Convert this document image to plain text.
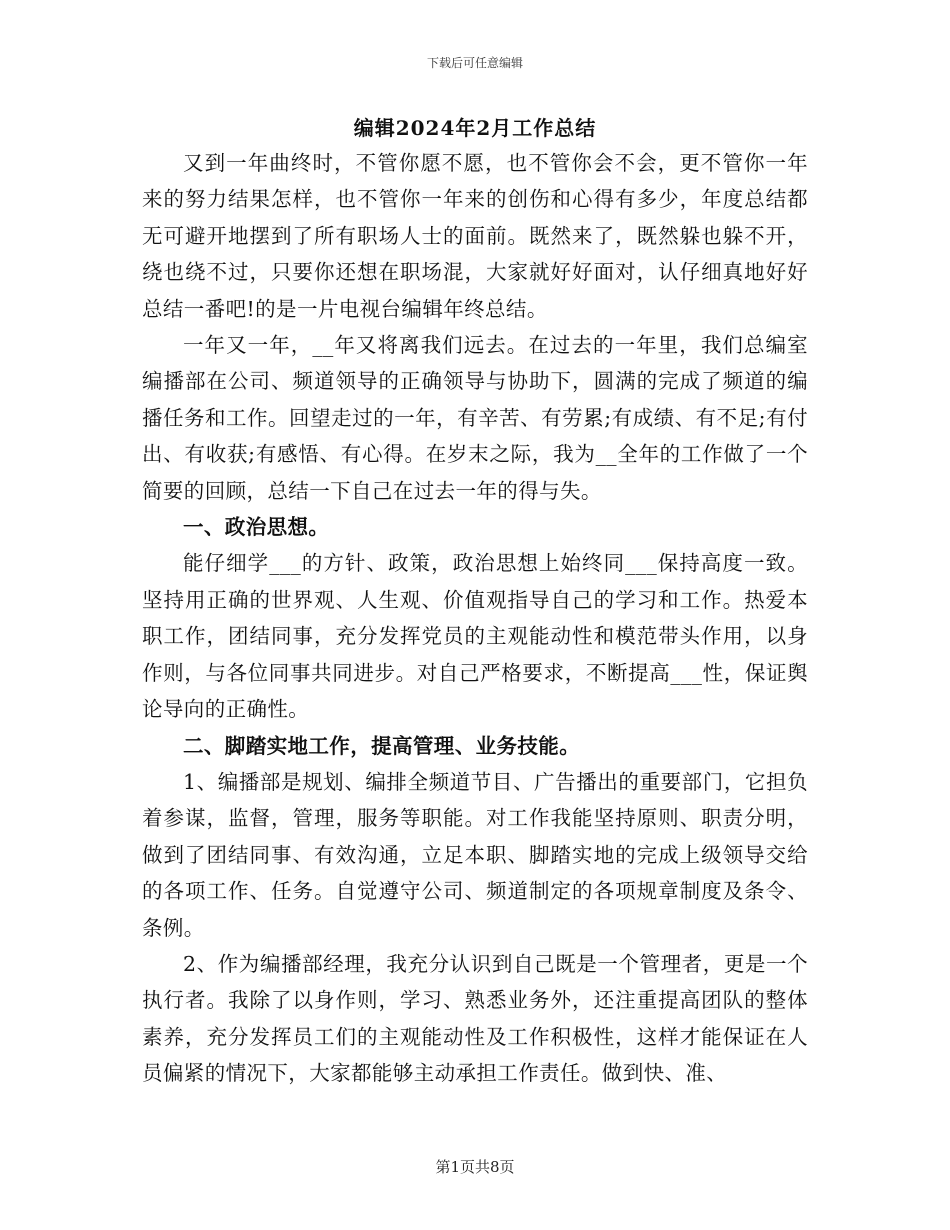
下载后可任意编辑
编辑2024年2月工作总结

又到一年曲终时，不管你愿不愿，也不管你会不会，更不管你一年来的努力结果怎样，也不管你一年来的创伤和心得有多少，年度总结都无可避开地摆到了所有职场人士的面前。既然来了，既然躲也躲不开，绕也绕不过，只要你还想在职场混，大家就好好面对，认仔细真地好好总结一番吧!的是一片电视台编辑年终总结。

一年又一年，__年又将离我们远去。在过去的一年里，我们总编室编播部在公司、频道领导的正确领导与协助下，圆满的完成了频道的编播任务和工作。回望走过的一年，有辛苦、有劳累;有成绩、有不足;有付出、有收获;有感悟、有心得。在岁末之际，我为__全年的工作做了一个简要的回顾，总结一下自己在过去一年的得与失。

一、政治思想。

能仔细学___的方针、政策，政治思想上始终同___保持高度一致。坚持用正确的世界观、人生观、价值观指导自己的学习和工作。热爱本职工作，团结同事，充分发挥党员的主观能动性和模范带头作用，以身作则，与各位同事共同进步。对自己严格要求，不断提高___性，保证舆论导向的正确性。

二、脚踏实地工作，提高管理、业务技能。

1、编播部是规划、编排全频道节目、广告播出的重要部门，它担负着参谋，监督，管理，服务等职能。对工作我能坚持原则、职责分明，做到了团结同事、有效沟通，立足本职、脚踏实地的完成上级领导交给的各项工作、任务。自觉遵守公司、频道制定的各项规章制度及条令、条例。

2、作为编播部经理，我充分认识到自己既是一个管理者，更是一个执行者。我除了以身作则，学习、熟悉业务外，还注重提高团队的整体素养，充分发挥员工们的主观能动性及工作积极性，这样才能保证在人员偏紧的情况下，大家都能够主动承担工作责任。做到快、准、

第1页共8页
